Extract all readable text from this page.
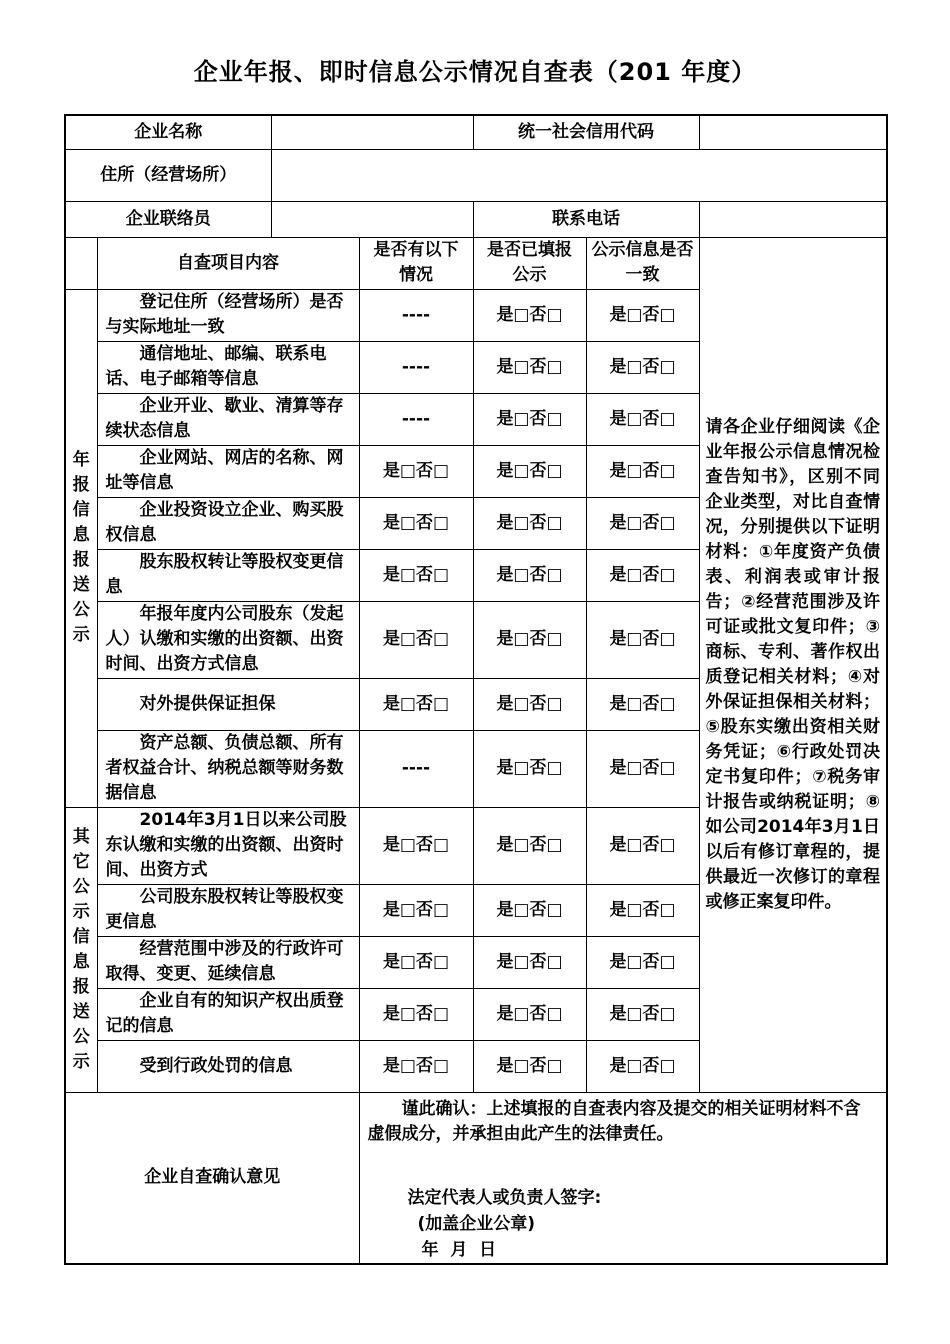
企业年报、即时信息公示情况自查表（201 年度）
企业名称				统一社会信用代码		
住所（经营场所）						
企业联络员				联系电话		
	自查项目内容		是否有以下情况	是否已填报公示	公示信息是否一致	请各企业仔细阅读《企业年报公示信息情况检查告知书》，区别不同企业类型，对比自查情况，分别提供以下证明材料：①年度资产负债表、利润表或审计报告；②经营范围涉及许可证或批文复印件；③商标、专利、著作权出质登记相关材料；④对外保证担保相关材料；⑤股东实缴出资相关财务凭证；⑥行政处罚决定书复印件；⑦税务审计报告或纳税证明；⑧如公司2014年3月1日以后有修订章程的，提供最近一次修订的章程或修正案复印件。
年报信息报送公示	登记住所（经营场所）是否与实际地址一致		----	是□否□	是□否□	
	通信地址、邮编、联系电话、电子邮箱等信息		----	是□否□	是□否□	
	企业开业、歇业、清算等存续状态信息		----	是□否□	是□否□	
	企业网站、网店的名称、网址等信息		是□否□	是□否□	是□否□	
	企业投资设立企业、购买股权信息		是□否□	是□否□	是□否□	
	股东股权转让等股权变更信息		是□否□	是□否□	是□否□	
	年报年度内公司股东（发起人）认缴和实缴的出资额、出资时间、出资方式信息		是□否□	是□否□	是□否□	
	对外提供保证担保		是□否□	是□否□	是□否□	
	资产总额、负债总额、所有者权益合计、纳税总额等财务数据信息		----	是□否□	是□否□	
其它公示信息报送公示	2014年3月1日以来公司股东认缴和实缴的出资额、出资时间、出资方式		是□否□	是□否□	是□否□	
	公司股东股权转让等股权变更信息		是□否□	是□否□	是□否□	
	经营范围中涉及的行政许可取得、变更、延续信息		是□否□	是□否□	是□否□	
	企业自有的知识产权出质登记的信息		是□否□	是□否□	是□否□	
	受到行政处罚的信息		是□否□	是□否□	是□否□	
企业自查确认意见			谨此确认：上述填报的自查表内容及提交的相关证明材料不含虚假成分，并承担由此产生的法律责任。
法定代表人或负责人签字:
(加盖企业公章)
年  月  日			
